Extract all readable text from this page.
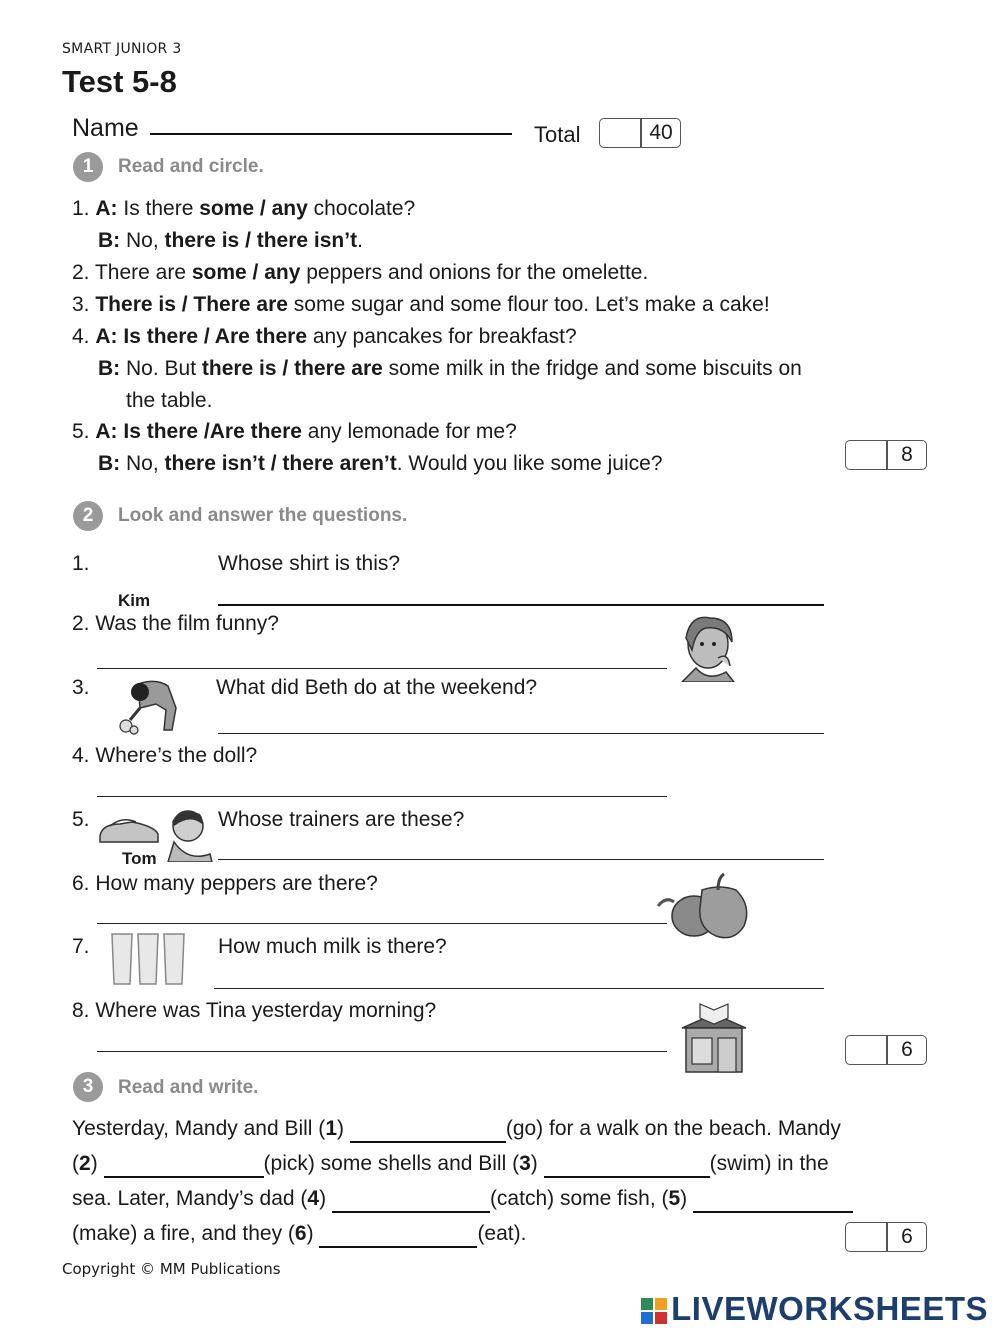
SMART JUNIOR 3
Test 5-8
Name	Total	40
1	Read and circle.
1. A: Is there some / any chocolate?
B: No, there is / there isn’t.
2. There are some / any peppers and onions for the omelette.
3. There is / There are some sugar and some flour too. Let’s make a cake!
4. A: Is there / Are there any pancakes for breakfast?
B: No. But there is / there are some milk in the fridge and some biscuits on
the table.
5. A: Is there /Are there any lemonade for me?
B: No, there isn’t / there aren’t. Would you like some juice?	8
2	Look and answer the questions.
1.	Whose shirt is this?
Kim
2. Was the film funny?
3.	What did Beth do at the weekend?
4. Where’s the doll?
5.	Whose trainers are these?
Tom
6. How many peppers are there?
7.	How much milk is there?
8. Where was Tina yesterday morning?
6
3	Read and write.
Yesterday, Mandy and Bill (1)	(go) for a walk on the beach. Mandy
(2)	(pick) some shells and Bill (3)	(swim) in the
sea. Later, Mandy’s dad (4)	(catch) some fish, (5)
(make) a fire, and they (6)	(eat).	6
Copyright © MM Publications
LIVEWORKSHEETS
